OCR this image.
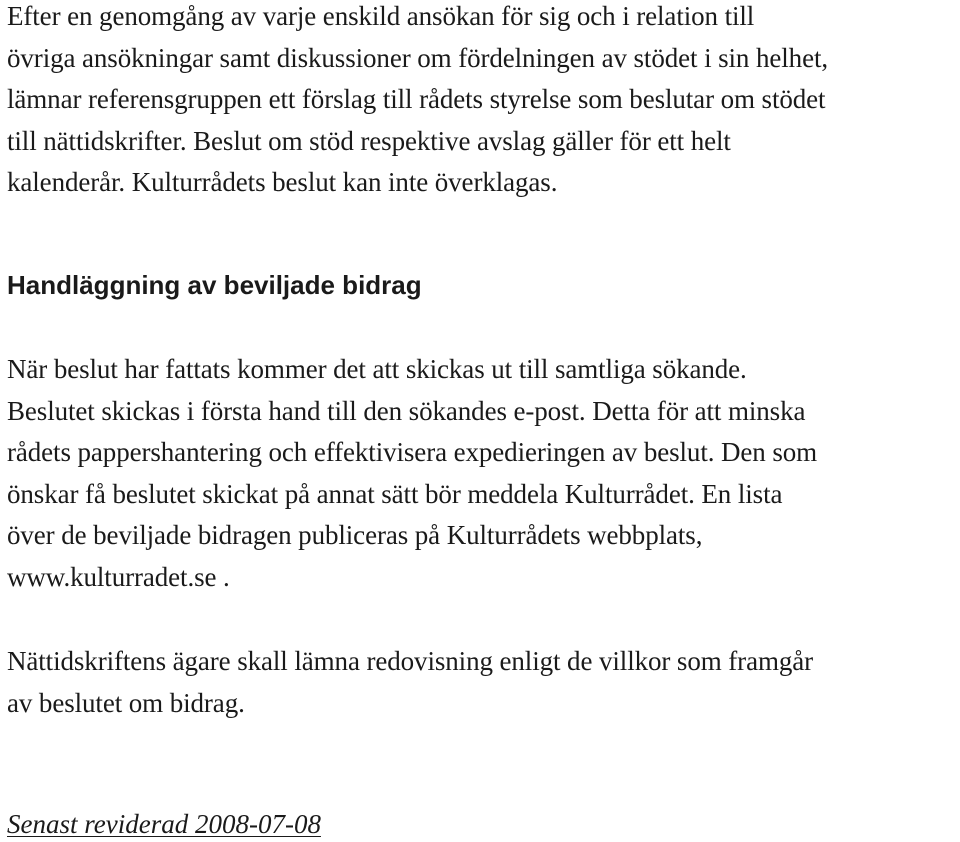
Efter en genomgång av varje enskild ansökan för sig och i relation till
övriga ansökningar samt diskussioner om fördelningen av stödet i sin helhet,
lämnar referensgruppen ett förslag till rådets styrelse som beslutar om stödet
till nättidskrifter. Beslut om stöd respektive avslag gäller för ett helt
kalenderår. Kulturrådets beslut kan inte överklagas.

Handläggning av beviljade bidrag

När beslut har fattats kommer det att skickas ut till samtliga sökande.
Beslutet skickas i första hand till den sökandes e-post. Detta för att minska
rådets pappershantering och effektivisera expedieringen av beslut. Den som
önskar få beslutet skickat på annat sätt bör meddela Kulturrådet. En lista
över de beviljade bidragen publiceras på Kulturrådets webbplats,
www.kulturradet.se .

Nättidskriftens ägare skall lämna redovisning enligt de villkor som framgår
av beslutet om bidrag.

Senast reviderad 2008-07-08
